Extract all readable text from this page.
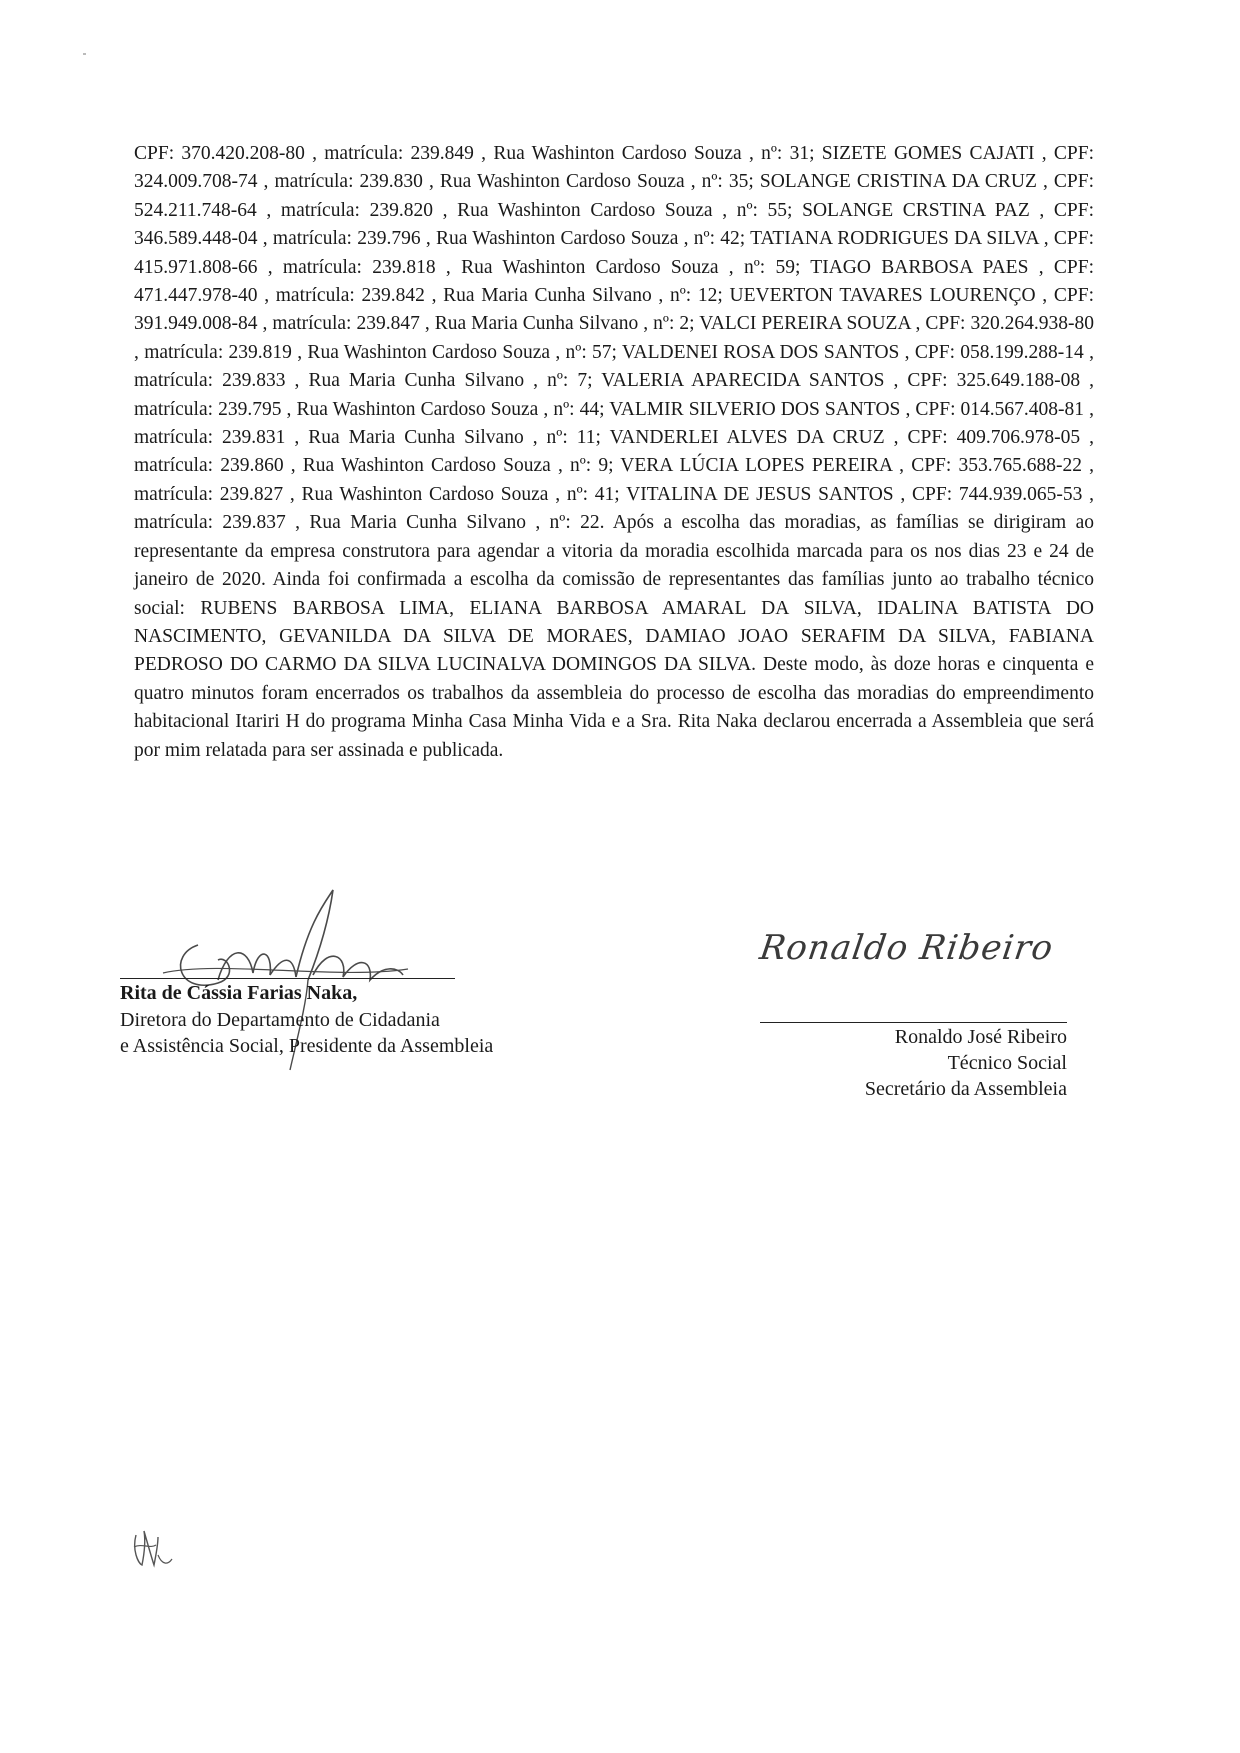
CPF: 370.420.208-80 , matrícula: 239.849 , Rua Washinton Cardoso Souza , nº: 31; SIZETE GOMES CAJATI , CPF: 324.009.708-74 , matrícula: 239.830 , Rua Washinton Cardoso Souza , nº: 35; SOLANGE CRISTINA DA CRUZ , CPF: 524.211.748-64 , matrícula: 239.820 , Rua Washinton Cardoso Souza , nº: 55; SOLANGE CRSTINA PAZ , CPF: 346.589.448-04 , matrícula: 239.796 , Rua Washinton Cardoso Souza , nº: 42; TATIANA RODRIGUES DA SILVA , CPF: 415.971.808-66 , matrícula: 239.818 , Rua Washinton Cardoso Souza , nº: 59; TIAGO BARBOSA PAES , CPF: 471.447.978-40 , matrícula: 239.842 , Rua Maria Cunha Silvano , nº: 12; UEVERTON TAVARES LOURENÇO , CPF: 391.949.008-84 , matrícula: 239.847 , Rua Maria Cunha Silvano , nº: 2; VALCI PEREIRA SOUZA , CPF: 320.264.938-80 , matrícula: 239.819 , Rua Washinton Cardoso Souza , nº: 57; VALDENEI ROSA DOS SANTOS , CPF: 058.199.288-14 , matrícula: 239.833 , Rua Maria Cunha Silvano , nº: 7; VALERIA APARECIDA SANTOS , CPF: 325.649.188-08 , matrícula: 239.795 , Rua Washinton Cardoso Souza , nº: 44; VALMIR SILVERIO DOS SANTOS , CPF: 014.567.408-81 , matrícula: 239.831 , Rua Maria Cunha Silvano , nº: 11; VANDERLEI ALVES DA CRUZ , CPF: 409.706.978-05 , matrícula: 239.860 , Rua Washinton Cardoso Souza , nº: 9; VERA LÚCIA LOPES PEREIRA , CPF: 353.765.688-22 , matrícula: 239.827 , Rua Washinton Cardoso Souza , nº: 41; VITALINA DE JESUS SANTOS , CPF: 744.939.065-53 , matrícula: 239.837 , Rua Maria Cunha Silvano , nº: 22. Após a escolha das moradias, as famílias se dirigiram ao representante da empresa construtora para agendar a vitoria da moradia escolhida marcada para os nos dias 23 e 24 de janeiro de 2020. Ainda foi confirmada a escolha da comissão de representantes das famílias junto ao trabalho técnico social: RUBENS BARBOSA LIMA, ELIANA BARBOSA AMARAL DA SILVA, IDALINA BATISTA DO NASCIMENTO, GEVANILDA DA SILVA DE MORAES, DAMIAO JOAO SERAFIM DA SILVA, FABIANA PEDROSO DO CARMO DA SILVA LUCINALVA DOMINGOS DA SILVA. Deste modo, às doze horas e cinquenta e quatro minutos foram encerrados os trabalhos da assembleia do processo de escolha das moradias do empreendimento habitacional Itariri H do programa Minha Casa Minha Vida e a Sra. Rita Naka declarou encerrada a Assembleia que será por mim relatada para ser assinada e publicada.

Rita de Cássia Farias Naka,
Diretora do Departamento de Cidadania
e Assistência Social, Presidente da Assembleia
Ronaldo Ribeiro
Ronaldo José Ribeiro
Técnico Social
Secretário da Assembleia
